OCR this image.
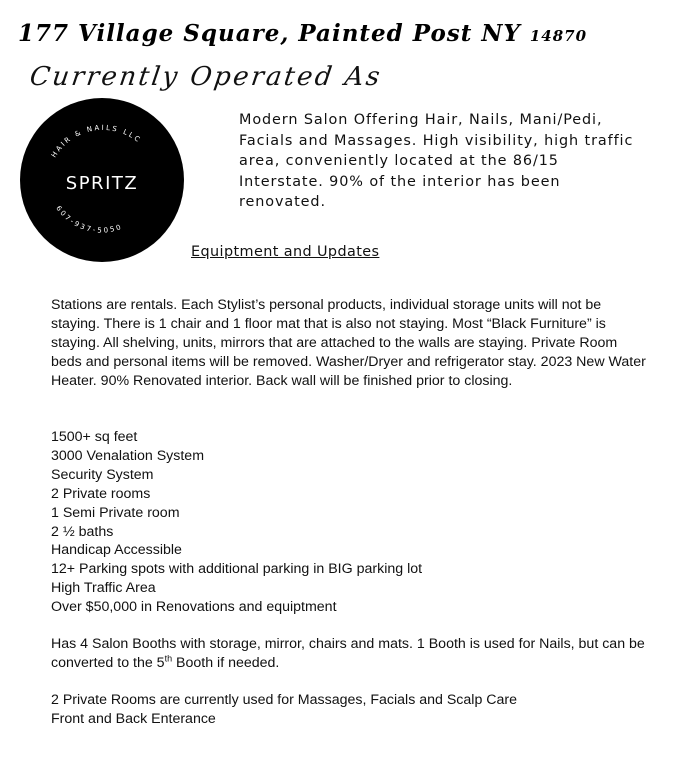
177 Village Square, Painted Post NY 14870
Currently Operated As
HAIR & NAILS LLC
SPRITZ
607-937-5050
Modern Salon Offering Hair, Nails, Mani/Pedi, Facials and Massages. High visibility, high traffic area, conveniently located at the 86/15 Interstate. 90% of the interior has been renovated.
Equiptment and Updates
Stations are rentals. Each Stylist’s personal products, individual storage units will not be staying. There is 1 chair and 1 floor mat that is also not staying. Most “Black Furniture” is staying. All shelving, units, mirrors that are attached to the walls are staying. Private Room beds and personal items will be removed. Washer/Dryer and refrigerator stay. 2023 New Water Heater. 90% Renovated interior. Back wall will be finished prior to closing.
1500+ sq feet
3000 Venalation System
Security System
2 Private rooms
1 Semi Private room
2 ½ baths
Handicap Accessible
12+ Parking spots with additional parking in BIG parking lot
High Traffic Area
Over $50,000 in Renovations and equiptment
Has 4 Salon Booths with storage, mirror, chairs and mats. 1 Booth is used for Nails, but can be converted to the 5th Booth if needed.
2 Private Rooms are currently used for Massages, Facials and Scalp Care
Front and Back Enterance
